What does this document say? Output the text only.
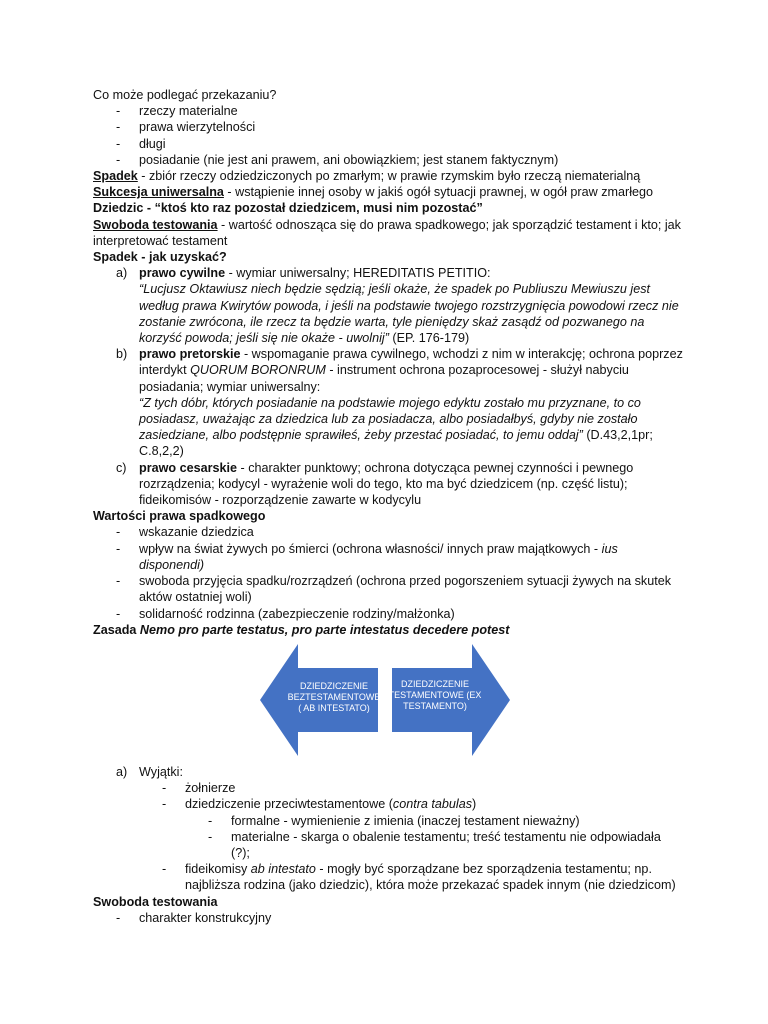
Co może podlegać przekazaniu?
- rzeczy materialne
- prawa wierzytelności
- długi
- posiadanie (nie jest ani prawem, ani obowiązkiem; jest stanem faktycznym)
Spadek - zbiór rzeczy odziedziczonych po zmarłym; w prawie rzymskim było rzeczą niematerialną
Sukcesja uniwersalna - wstąpienie innej osoby w jakiś ogół sytuacji prawnej, w ogół praw zmarłego
Dziedzic - “ktoś kto raz pozostał dziedzicem, musi nim pozostać”
Swoboda testowania - wartość odnosząca się do prawa spadkowego; jak sporządzić testament i kto; jak interpretować testament
Spadek - jak uzyskać?
a) prawo cywilne - wymiar uniwersalny; HEREDITATIS PETITIO:
“Lucjusz Oktawiusz niech będzie sędzią; jeśli okaże, że spadek po Publiuszu Mewiuszu jest według prawa Kwirytów powoda, i jeśli na podstawie twojego rozstrzygnięcia powodowi rzecz nie zostanie zwrócona, ile rzecz ta będzie warta, tyle pieniędzy skaż zasądź od pozwanego na korzyść powoda; jeśli się nie okaże - uwolnij” (EP. 176-179)
b) prawo pretorskie - wspomaganie prawa cywilnego, wchodzi z nim w interakcję; ochrona poprzez interdykt QUORUM BORONRUM - instrument ochrona pozaprocesowej - służył nabyciu posiadania; wymiar uniwersalny:
“Z tych dóbr, których posiadanie na podstawie mojego edyktu zostało mu przyznane, to co posiadasz, uważając za dziedzica lub za posiadacza, albo posiadałbyś, gdyby nie zostało zasiedziane, albo podstępnie sprawiłeś, żeby przestać posiadać, to jemu oddaj” (D.43,2,1pr; C.8,2,2)
c) prawo cesarskie - charakter punktowy; ochrona dotycząca pewnej czynności i pewnego rozrządzenia; kodycyl - wyrażenie woli do tego, kto ma być dziedzicem (np. część listu); fideikomisów - rozporządzenie zawarte w kodycylu
Wartości prawa spadkowego
- wskazanie dziedzica
- wpływ na świat żywych po śmierci (ochrona własności/ innych praw majątkowych - ius disponendi)
- swoboda przyjęcia spadku/rozrządzeń (ochrona przed pogorszeniem sytuacji żywych na skutek aktów ostatniej woli)
- solidarność rodzinna (zabezpieczenie rodziny/małżonka)
Zasada Nemo pro parte testatus, pro parte intestatus decedere potest
DZIEDZICZENIE
BEZTESTAMENTOWE
( AB INTESTATO)
DZIEDZICZENIE
TESTAMENTOWE (EX
TESTAMENTO)
a) Wyjątki:
- żołnierze
- dziedziczenie przeciwtestamentowe (contra tabulas)
- formalne - wymienienie z imienia (inaczej testament nieważny)
- materialne - skarga o obalenie testamentu; treść testamentu nie odpowiadała (?);
- fideikomisy ab intestato - mogły być sporządzane bez sporządzenia testamentu; np. najbliższa rodzina (jako dziedzic), która może przekazać spadek innym (nie dziedzicom)
Swoboda testowania
- charakter konstrukcyjny
